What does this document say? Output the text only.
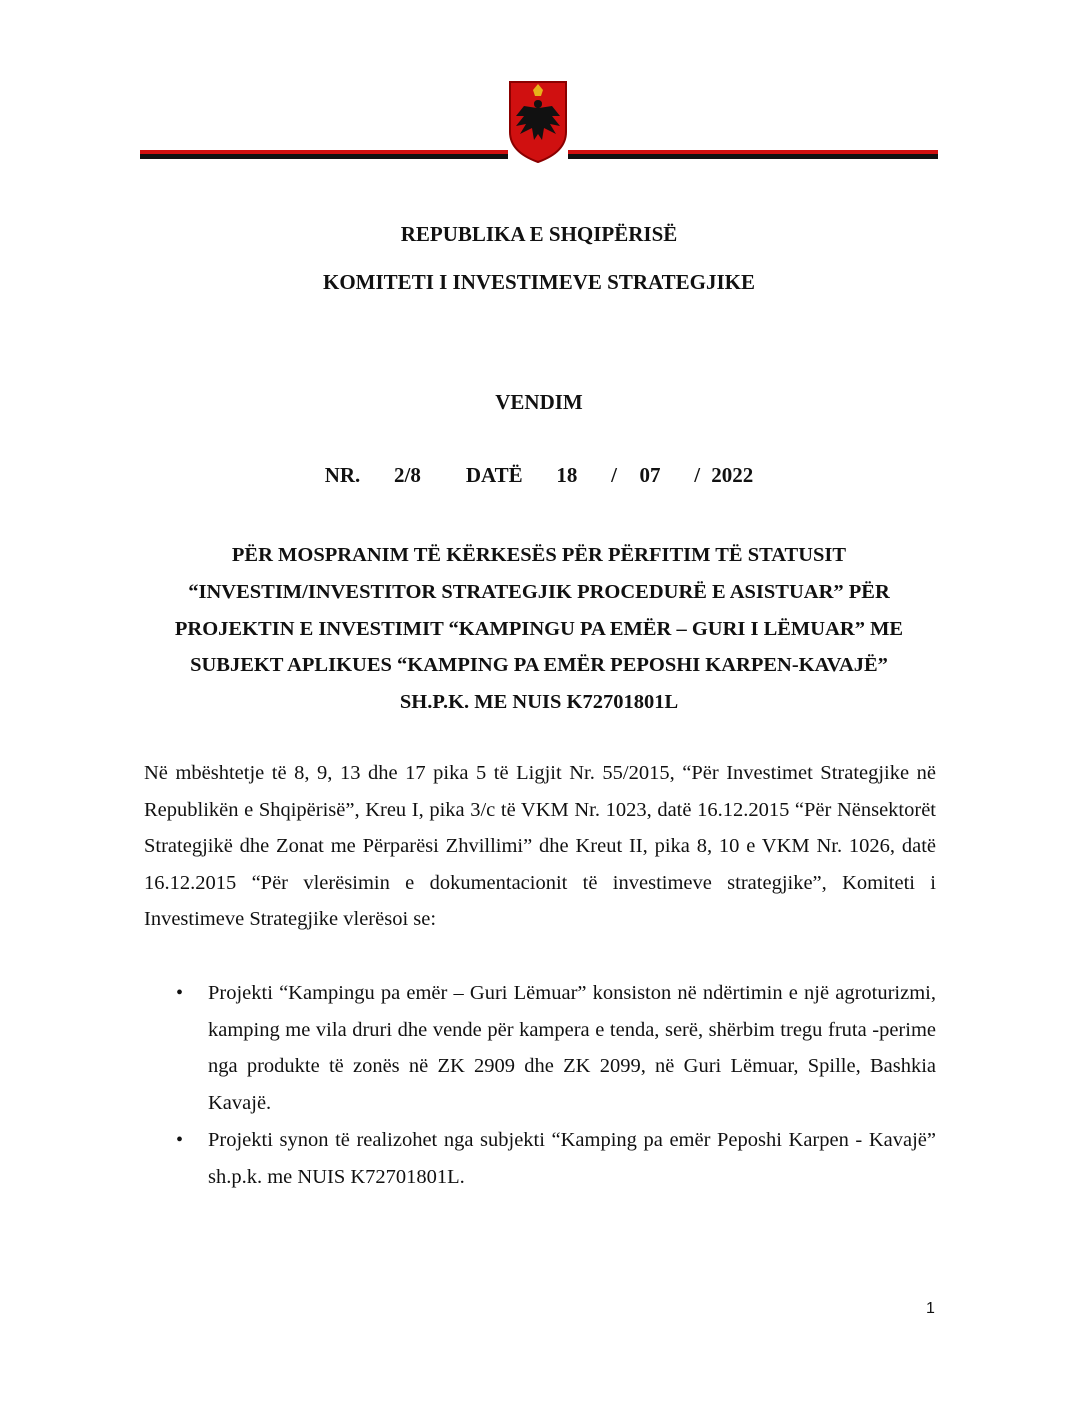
REPUBLIKA E SHQIPËRISË
KOMITETI I INVESTIMEVE STRATEGJIKE
VENDIM
NR.   2/8    DATË   18   /  07   / 2022
PËR MOSPRANIM TË KËRKESËS PËR PËRFITIM TË STATUSIT
“INVESTIM/INVESTITOR STRATEGJIK PROCEDURË E ASISTUAR” PËR
PROJEKTIN E INVESTIMIT “KAMPINGU PA EMËR – GURI I LËMUAR” ME
SUBJEKT APLIKUES “KAMPING PA EMËR PEPOSHI KARPEN-KAVAJË”
SH.P.K. ME NUIS K72701801L
Në mbështetje të 8, 9, 13 dhe 17 pika 5 të Ligjit Nr. 55/2015, “Për Investimet Strategjike në Republikën e Shqipërisë”, Kreu I, pika 3/c të VKM Nr. 1023, datë 16.12.2015 “Për Nënsektorët Strategjikë dhe Zonat me Përparësi Zhvillimi” dhe Kreut II, pika 8, 10 e VKM Nr. 1026, datë 16.12.2015 “Për vlerësimin e dokumentacionit të investimeve strategjike”, Komiteti i Investimeve Strategjike vlerësoi se:
• Projekti “Kampingu pa emër – Guri Lëmuar” konsiston në ndërtimin e një agroturizmi, kamping me vila druri dhe vende për kampera e tenda, serë, shërbim tregu fruta -perime nga produkte të zonës në ZK 2909 dhe ZK 2099, në Guri Lëmuar, Spille, Bashkia Kavajë.
• Projekti synon të realizohet nga subjekti “Kamping pa emër Peposhi Karpen - Kavajë” sh.p.k. me NUIS K72701801L.
1
